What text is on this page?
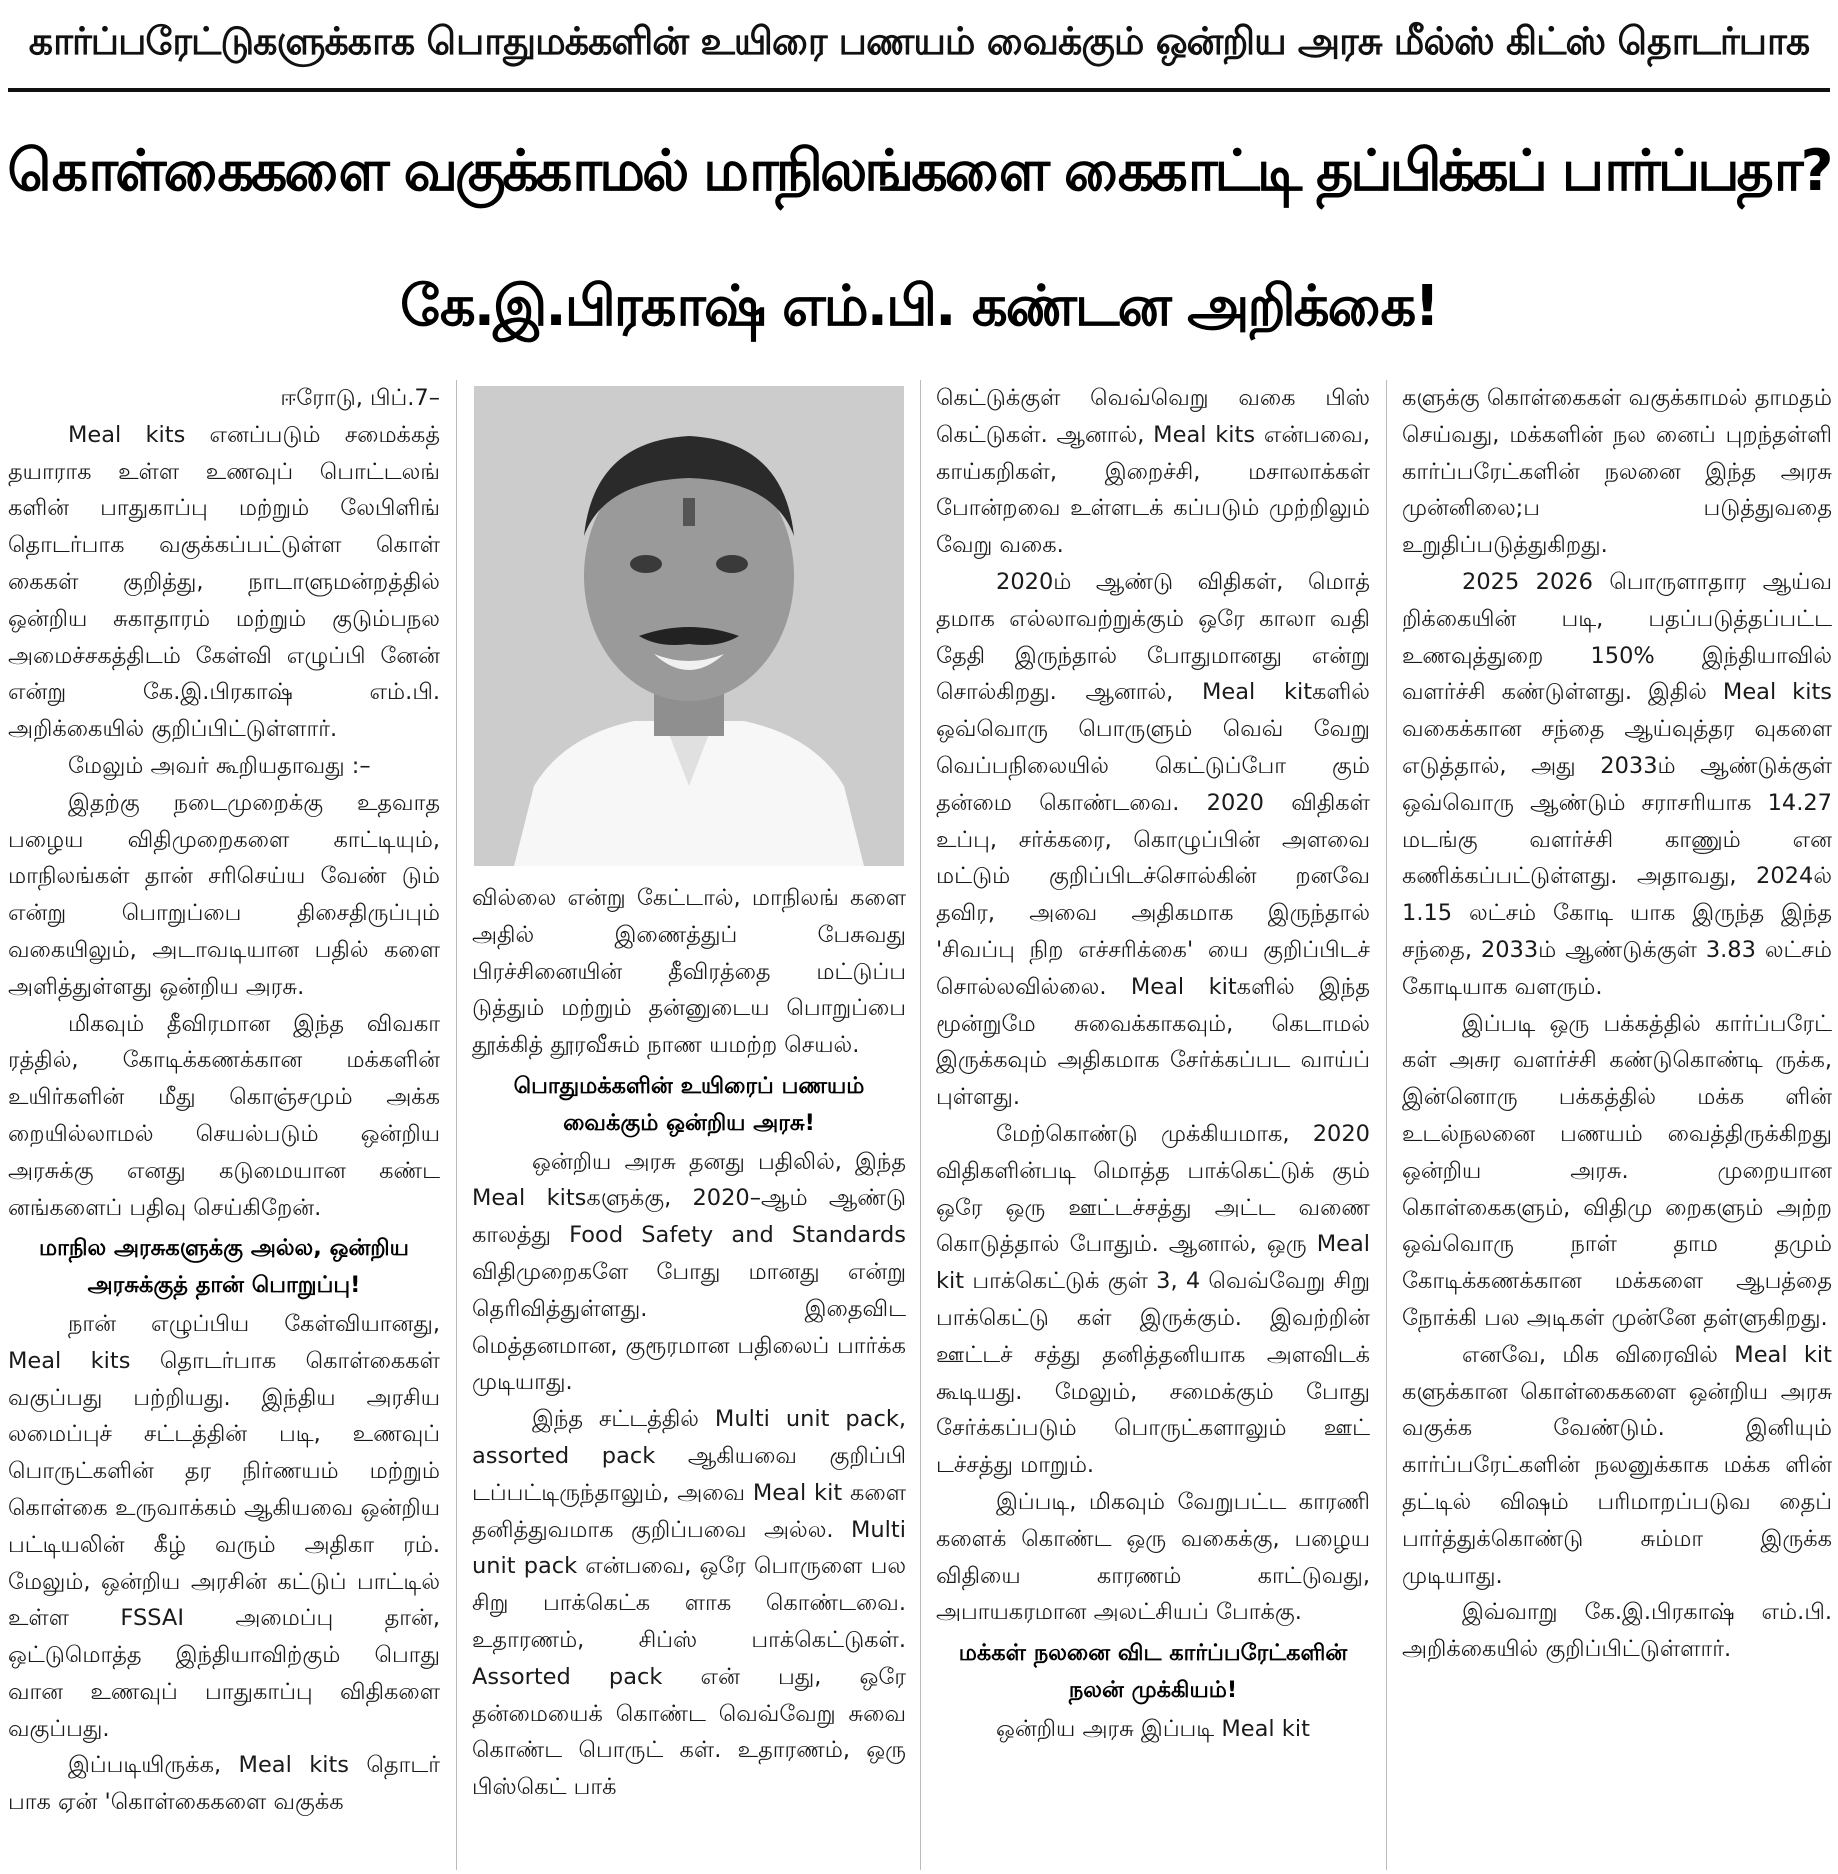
கார்ப்பரேட்டுகளுக்காக பொதுமக்களின் உயிரை பணயம் வைக்கும் ஒன்றிய அரசு மீல்ஸ் கிட்ஸ் தொடர்பாக
கொள்கைகளை வகுக்காமல் மாநிலங்களை கைகாட்டி தப்பிக்கப் பார்ப்பதா?
கே.இ.பிரகாஷ் எம்.பி. கண்டன அறிக்கை!

ஈரோடு, பிப்.7–

Meal kits எனப்படும் சமைக்கத் தயாராக உள்ள உணவுப் பொட்டலங் களின் பாதுகாப்பு மற்றும் லேபிளிங் தொடர்பாக வகுக்கப்பட்டுள்ள கொள் கைகள் குறித்து, நாடாளுமன்றத்தில் ஒன்றிய சுகாதாரம் மற்றும் குடும்பநல அமைச்சகத்திடம் கேள்வி எழுப்பி னேன் என்று கே.இ.பிரகாஷ் எம்.பி. அறிக்கையில் குறிப்பிட்டுள்ளார்.

மேலும் அவர் கூறியதாவது :–

இதற்கு நடைமுறைக்கு உதவாத பழைய விதிமுறைகளை காட்டியும், மாநிலங்கள் தான் சரிசெய்ய வேண் டும் என்று பொறுப்பை திசைதிருப்பும் வகையிலும், அடாவடியான பதில் களை அளித்துள்ளது ஒன்றிய அரசு.

மிகவும் தீவிரமான இந்த விவகா ரத்தில், கோடிக்கணக்கான மக்களின் உயிர்களின் மீது கொஞ்சமும் அக்க றையில்லாமல் செயல்படும் ஒன்றிய அரசுக்கு எனது கடுமையான கண்ட னங்களைப் பதிவு செய்கிறேன்.

மாநில அரசுகளுக்கு அல்ல, ஒன்றிய அரசுக்குத் தான் பொறுப்பு!

நான் எழுப்பிய கேள்வியானது, Meal kits தொடர்பாக கொள்கைகள் வகுப்பது பற்றியது. இந்திய அரசிய லமைப்புச் சட்டத்தின் படி, உணவுப் பொருட்களின் தர நிர்ணயம் மற்றும் கொள்கை உருவாக்கம் ஆகியவை ஒன்றிய பட்டியலின் கீழ் வரும் அதிகா ரம். மேலும், ஒன்றிய அரசின் கட்டுப் பாட்டில் உள்ள FSSAI அமைப்பு தான், ஒட்டுமொத்த இந்தியாவிற்கும் பொது வான உணவுப் பாதுகாப்பு விதிகளை வகுப்பது.

இப்படியிருக்க, Meal kits தொடர் பாக ஏன் 'கொள்கைகளை வகுக்க

வில்லை என்று கேட்டால், மாநிலங் களை அதில் இணைத்துப் பேசுவது பிரச்சினையின் தீவிரத்தை மட்டுப்ப டுத்தும் மற்றும் தன்னுடைய பொறுப்பை தூக்கித் தூரவீசும் நாண யமற்ற செயல்.

பொதுமக்களின் உயிரைப் பணயம் வைக்கும் ஒன்றிய அரசு!

ஒன்றிய அரசு தனது பதிலில், இந்த Meal kitsகளுக்கு, 2020–ஆம் ஆண்டு காலத்து Food Safety and Standards விதிமுறைகளே போது மானது என்று தெரிவித்துள்ளது. இதைவிட மெத்தனமான, குரூரமான பதிலைப் பார்க்க முடியாது.

இந்த சட்டத்தில் Multi unit pack, assorted pack ஆகியவை குறிப்பி டப்பட்டிருந்தாலும், அவை Meal kit களை தனித்துவமாக குறிப்பவை அல்ல. Multi unit pack என்பவை, ஒரே பொருளை பல சிறு பாக்கெட்க ளாக கொண்டவை. உதாரணம், சிப்ஸ் பாக்கெட்டுகள். Assorted pack என் பது, ஒரே தன்மையைக் கொண்ட வெவ்வேறு சுவை கொண்ட பொருட் கள். உதாரணம், ஒரு பிஸ்கெட் பாக்

கெட்டுக்குள் வெவ்வெறு வகை பிஸ் கெட்டுகள். ஆனால், Meal kits என்பவை, காய்கறிகள், இறைச்சி, மசாலாக்கள் போன்றவை உள்ளடக் கப்படும் முற்றிலும் வேறு வகை.

2020ம் ஆண்டு விதிகள், மொத் தமாக எல்லாவற்றுக்கும் ஒரே காலா வதி தேதி இருந்தால் போதுமானது என்று சொல்கிறது. ஆனால், Meal kitகளில் ஒவ்வொரு பொருளும் வெவ் வேறு வெப்பநிலையில் கெட்டுப்போ கும் தன்மை கொண்டவை. 2020 விதிகள் உப்பு, சர்க்கரை, கொழுப்பின் அளவை மட்டும் குறிப்பிடச்சொல்கின் றனவே தவிர, அவை அதிகமாக இருந்தால் 'சிவப்பு நிற எச்சரிக்கை' யை குறிப்பிடச் சொல்லவில்லை. Meal kitகளில் இந்த மூன்றுமே சுவைக்காகவும், கெடாமல் இருக்கவும் அதிகமாக சேர்க்கப்பட வாய்ப் புள்ளது.

மேற்கொண்டு முக்கியமாக, 2020 விதிகளின்படி மொத்த பாக்கெட்டுக் கும் ஒரே ஒரு ஊட்டச்சத்து அட்ட வணை கொடுத்தால் போதும். ஆனால், ஒரு Meal kit பாக்கெட்டுக் குள் 3, 4 வெவ்வேறு சிறு பாக்கெட்டு கள் இருக்கும். இவற்றின் ஊட்டச் சத்து தனித்தனியாக அளவிடக் கூடியது. மேலும், சமைக்கும் போது சேர்க்கப்படும் பொருட்களாலும் ஊட் டச்சத்து மாறும்.

இப்படி, மிகவும் வேறுபட்ட காரணி களைக் கொண்ட ஒரு வகைக்கு, பழைய விதியை காரணம் காட்டுவது, அபாயகரமான அலட்சியப் போக்கு.

மக்கள் நலனை விட கார்ப்பரேட்களின் நலன் முக்கியம்!

ஒன்றிய அரசு இப்படி Meal kit

களுக்கு கொள்கைகள் வகுக்காமல் தாமதம் செய்வது, மக்களின் நல னைப் புறந்தள்ளி கார்ப்பரேட்களின் நலனை இந்த அரசு முன்னிலை;ப படுத்துவதை உறுதிப்படுத்துகிறது.

2025 2026 பொருளாதார ஆய்வ றிக்கையின் படி, பதப்படுத்தப்பட்ட உணவுத்துறை 150% இந்தியாவில் வளர்ச்சி கண்டுள்ளது. இதில் Meal kits வகைக்கான சந்தை ஆய்வுத்தர வுகளை எடுத்தால், அது 2033ம் ஆண்டுக்குள் ஒவ்வொரு ஆண்டும் சராசரியாக 14.27 மடங்கு வளர்ச்சி காணும் என கணிக்கப்பட்டுள்ளது. அதாவது, 2024ல் 1.15 லட்சம் கோடி யாக இருந்த இந்த சந்தை, 2033ம் ஆண்டுக்குள் 3.83 லட்சம் கோடியாக வளரும்.

இப்படி ஒரு பக்கத்தில் கார்ப்பரேட் கள் அசுர வளர்ச்சி கண்டுகொண்டி ருக்க, இன்னொரு பக்கத்தில் மக்க ளின் உடல்நலனை பணயம் வைத்திருக்கிறது ஒன்றிய அரசு. முறையான கொள்கைகளும், விதிமு றைகளும் அற்ற ஒவ்வொரு நாள் தாம தமும் கோடிக்கணக்கான மக்களை ஆபத்தை நோக்கி பல அடிகள் முன்னே தள்ளுகிறது.

எனவே, மிக விரைவில் Meal kit களுக்கான கொள்கைகளை ஒன்றிய அரசு வகுக்க வேண்டும். இனியும் கார்ப்பரேட்களின் நலனுக்காக மக்க ளின் தட்டில் விஷம் பரிமாறப்படுவ தைப் பார்த்துக்கொண்டு சும்மா இருக்க முடியாது.

இவ்வாறு கே.இ.பிரகாஷ் எம்.பி. அறிக்கையில் குறிப்பிட்டுள்ளார்.
